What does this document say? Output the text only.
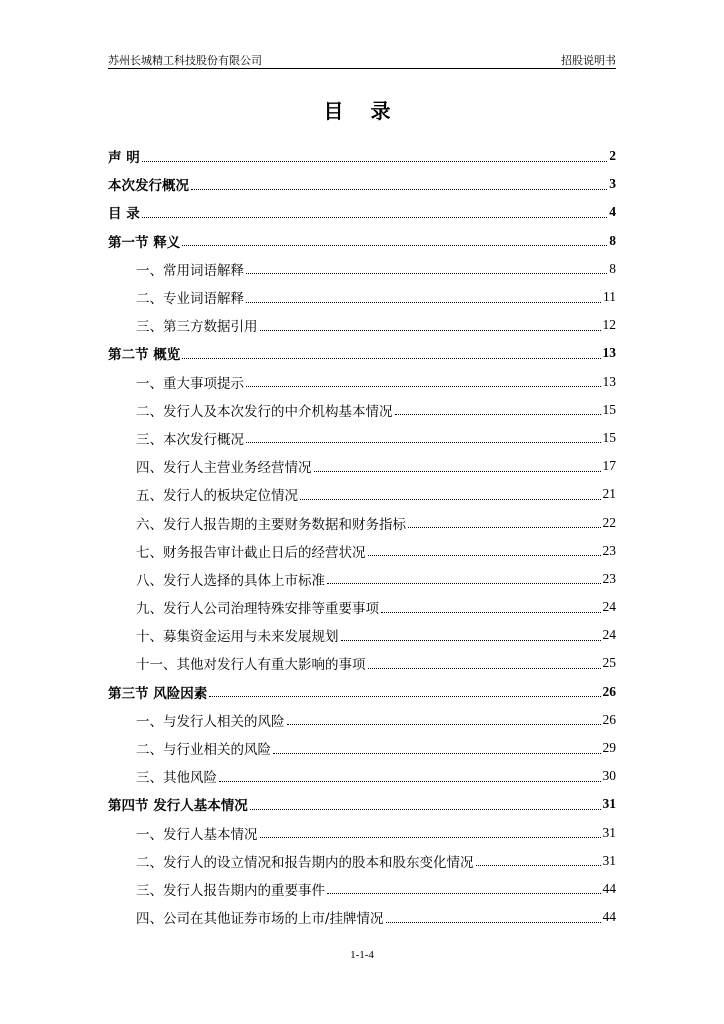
苏州长城精工科技股份有限公司	招股说明书
目 录
声 明	2
本次发行概况	3
目 录	4
第一节 释义	8
一、常用词语解释	8
二、专业词语解释	11
三、第三方数据引用	12
第二节 概览	13
一、重大事项提示	13
二、发行人及本次发行的中介机构基本情况	15
三、本次发行概况	15
四、发行人主营业务经营情况	17
五、发行人的板块定位情况	21
六、发行人报告期的主要财务数据和财务指标	22
七、财务报告审计截止日后的经营状况	23
八、发行人选择的具体上市标准	23
九、发行人公司治理特殊安排等重要事项	24
十、募集资金运用与未来发展规划	24
十一、其他对发行人有重大影响的事项	25
第三节 风险因素	26
一、与发行人相关的风险	26
二、与行业相关的风险	29
三、其他风险	30
第四节 发行人基本情况	31
一、发行人基本情况	31
二、发行人的设立情况和报告期内的股本和股东变化情况	31
三、发行人报告期内的重要事件	44
四、公司在其他证券市场的上市/挂牌情况	44
1-1-4
